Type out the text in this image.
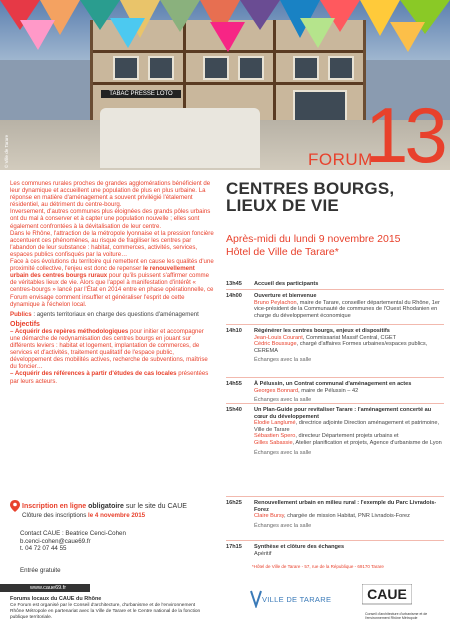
TABAC PRESSE LOTO
© Ville de Tarare	FORUM
13
CENTRES BOURGS,
LIEUX DE VIE
Après-midi du lundi 9 novembre 2015
Hôtel de Ville de Tarare*

Les communes rurales proches de grandes agglomérations bénéficient de leur dynamique et accueillent une population de plus en plus urbaine. La réponse en matière d'aménagement a souvent privilégié l'étalement résidentiel, au détriment du centre-bourg.

Inversement, d'autres communes plus éloignées des grands pôles urbains ont du mal à conserver et à capter une population nouvelle ; elles sont également confrontées à la dévitalisation de leur centre.

Dans le Rhône, l'attraction de la métropole lyonnaise et la pression foncière accentuent ces phénomènes, au risque de fragiliser les centres par l'abandon de leur substance : habitat, commerces, activités, services, espaces publics confisqués par la voiture…

Face à ces évolutions du territoire qui remettent en cause les qualités d'une proximité collective, l'enjeu est donc de repenser le renouvellement urbain des centres bourgs ruraux pour qu'ils puissent s'affirmer comme de véritables lieux de vie. Alors que l'appel à manifestation d'intérêt « centres-bourgs » lancé par l'État en 2014 entre en phase opérationnelle, ce Forum envisage comment insuffler et généraliser l'esprit de cette dynamique à l'échelon local.

Publics : agents territoriaux en charge des questions d'aménagement

Objectifs

– Acquérir des repères méthodologiques pour initier et accompagner une démarche de redynamisation des centres bourgs en jouant sur différents leviers : habitat et logement, implantation de commerces, de services et d'activités, traitement qualitatif de l'espace public, développement des mobilités actives, recherche de subventions, maîtrise du foncier…

– Acquérir des références à partir d'études de cas locales présentées par leurs acteurs.

Inscription en ligne obligatoire sur le site du CAUE
Clôture des inscriptions le 4 novembre 2015
Contact CAUE : Beatrice Cenci-Cohen
b.cenci-cohen@caue69.fr
t. 04 72 07 44 55
Entrée gratuite
www.caue69.fr
Forums locaux du CAUE du Rhône
Ce Forum est organisé par le Conseil d'architecture, d'urbanisme et de l'environnement Rhône Métropole en partenariat avec la Ville de Tarare et le Centre national de la fonction publique territoriale.
13h45	Accueil des participants
14h00	Ouverture et bienvenue
Bruno Peylachon, maire de Tarare, conseiller départemental du Rhône, 1er vice-président de la Communauté de communes de l'Ouest Rhodanien en charge du développement économique
14h10	Régénérer les centres bourgs, enjeux et dispositifs
Jean-Louis Courant, Commissariat Massif Central, CGET
Cédric Boussuge, chargé d'affaires Formes urbaines/espaces publics, CEREMA
Échanges avec la salle
14h55	À Pélussin, un Contrat communal d'aménagement en actes
Georges Bonnard, maire de Pélussin – 42
Échanges avec la salle
15h40	Un Plan-Guide pour revitaliser Tarare : l'aménagement concerté au cœur du développement
Élodie Langlumé, directrice adjointe Direction aménagement et patrimoine, Ville de Tarare
Sébastien Spero, directeur Département projets urbains et
Gilles Sabassie, Atelier planification et projets, Agence d'urbanisme de Lyon
Échanges avec la salle
16h25	Renouvellement urbain en milieu rural : l'exemple du Parc Livradois-Forez
Claire Bursy, chargée de mission Habitat, PNR Livradois-Forez
Échanges avec la salle
17h15	Synthèse et clôture des échanges
Apéritif
*Hôtel de Ville de Tarare - 57, rue de la République - 69170 Tarare
VILLE DE TARARE	CAUE
Conseil d'architecture d'urbanisme et de l'environnement Rhône Métropole
